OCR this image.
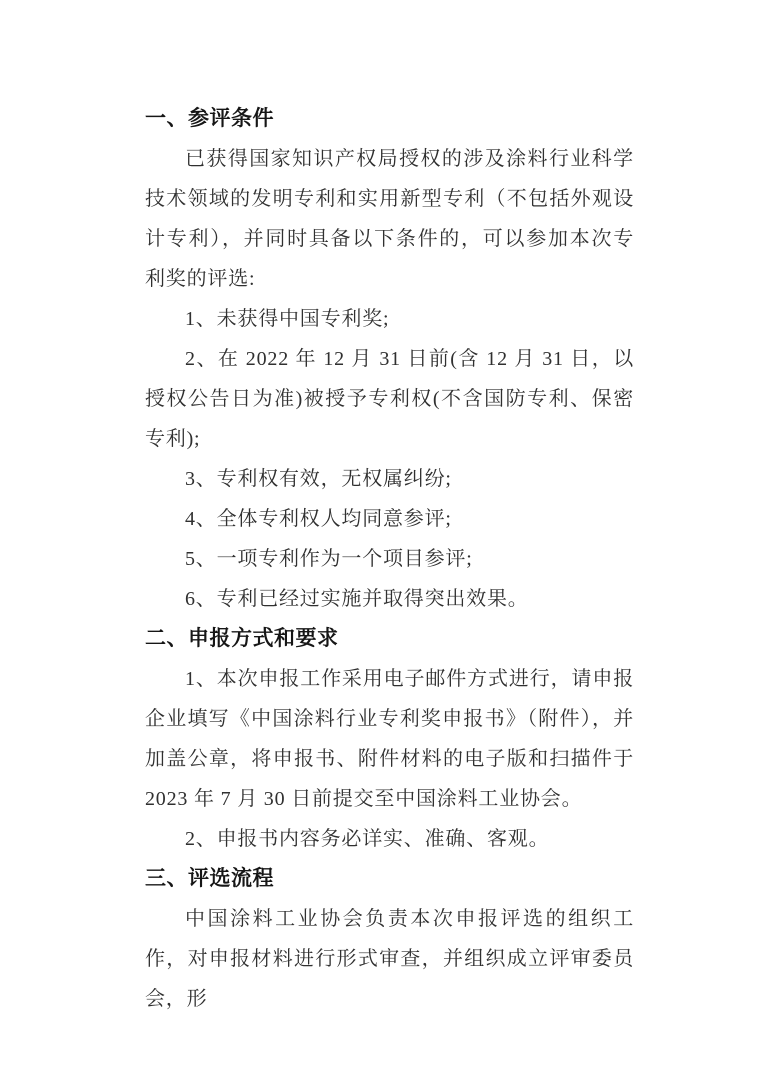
一、参评条件

已获得国家知识产权局授权的涉及涂料行业科学技术领域的发明专利和实用新型专利（不包括外观设计专利），并同时具备以下条件的，可以参加本次专利奖的评选:

1、未获得中国专利奖;

2、在 2022 年 12 月 31 日前(含 12 月 31 日，以授权公告日为准)被授予专利权(不含国防专利、保密专利);

3、专利权有效，无权属纠纷;

4、全体专利权人均同意参评;

5、一项专利作为一个项目参评;

6、专利已经过实施并取得突出效果。

二、申报方式和要求

1、本次申报工作采用电子邮件方式进行，请申报企业填写《中国涂料行业专利奖申报书》（附件），并加盖公章，将申报书、附件材料的电子版和扫描件于 2023 年 7 月 30 日前提交至中国涂料工业协会。

2、申报书内容务必详实、准确、客观。

三、评选流程

中国涂料工业协会负责本次申报评选的组织工作，对申报材料进行形式审查，并组织成立评审委员会，形
